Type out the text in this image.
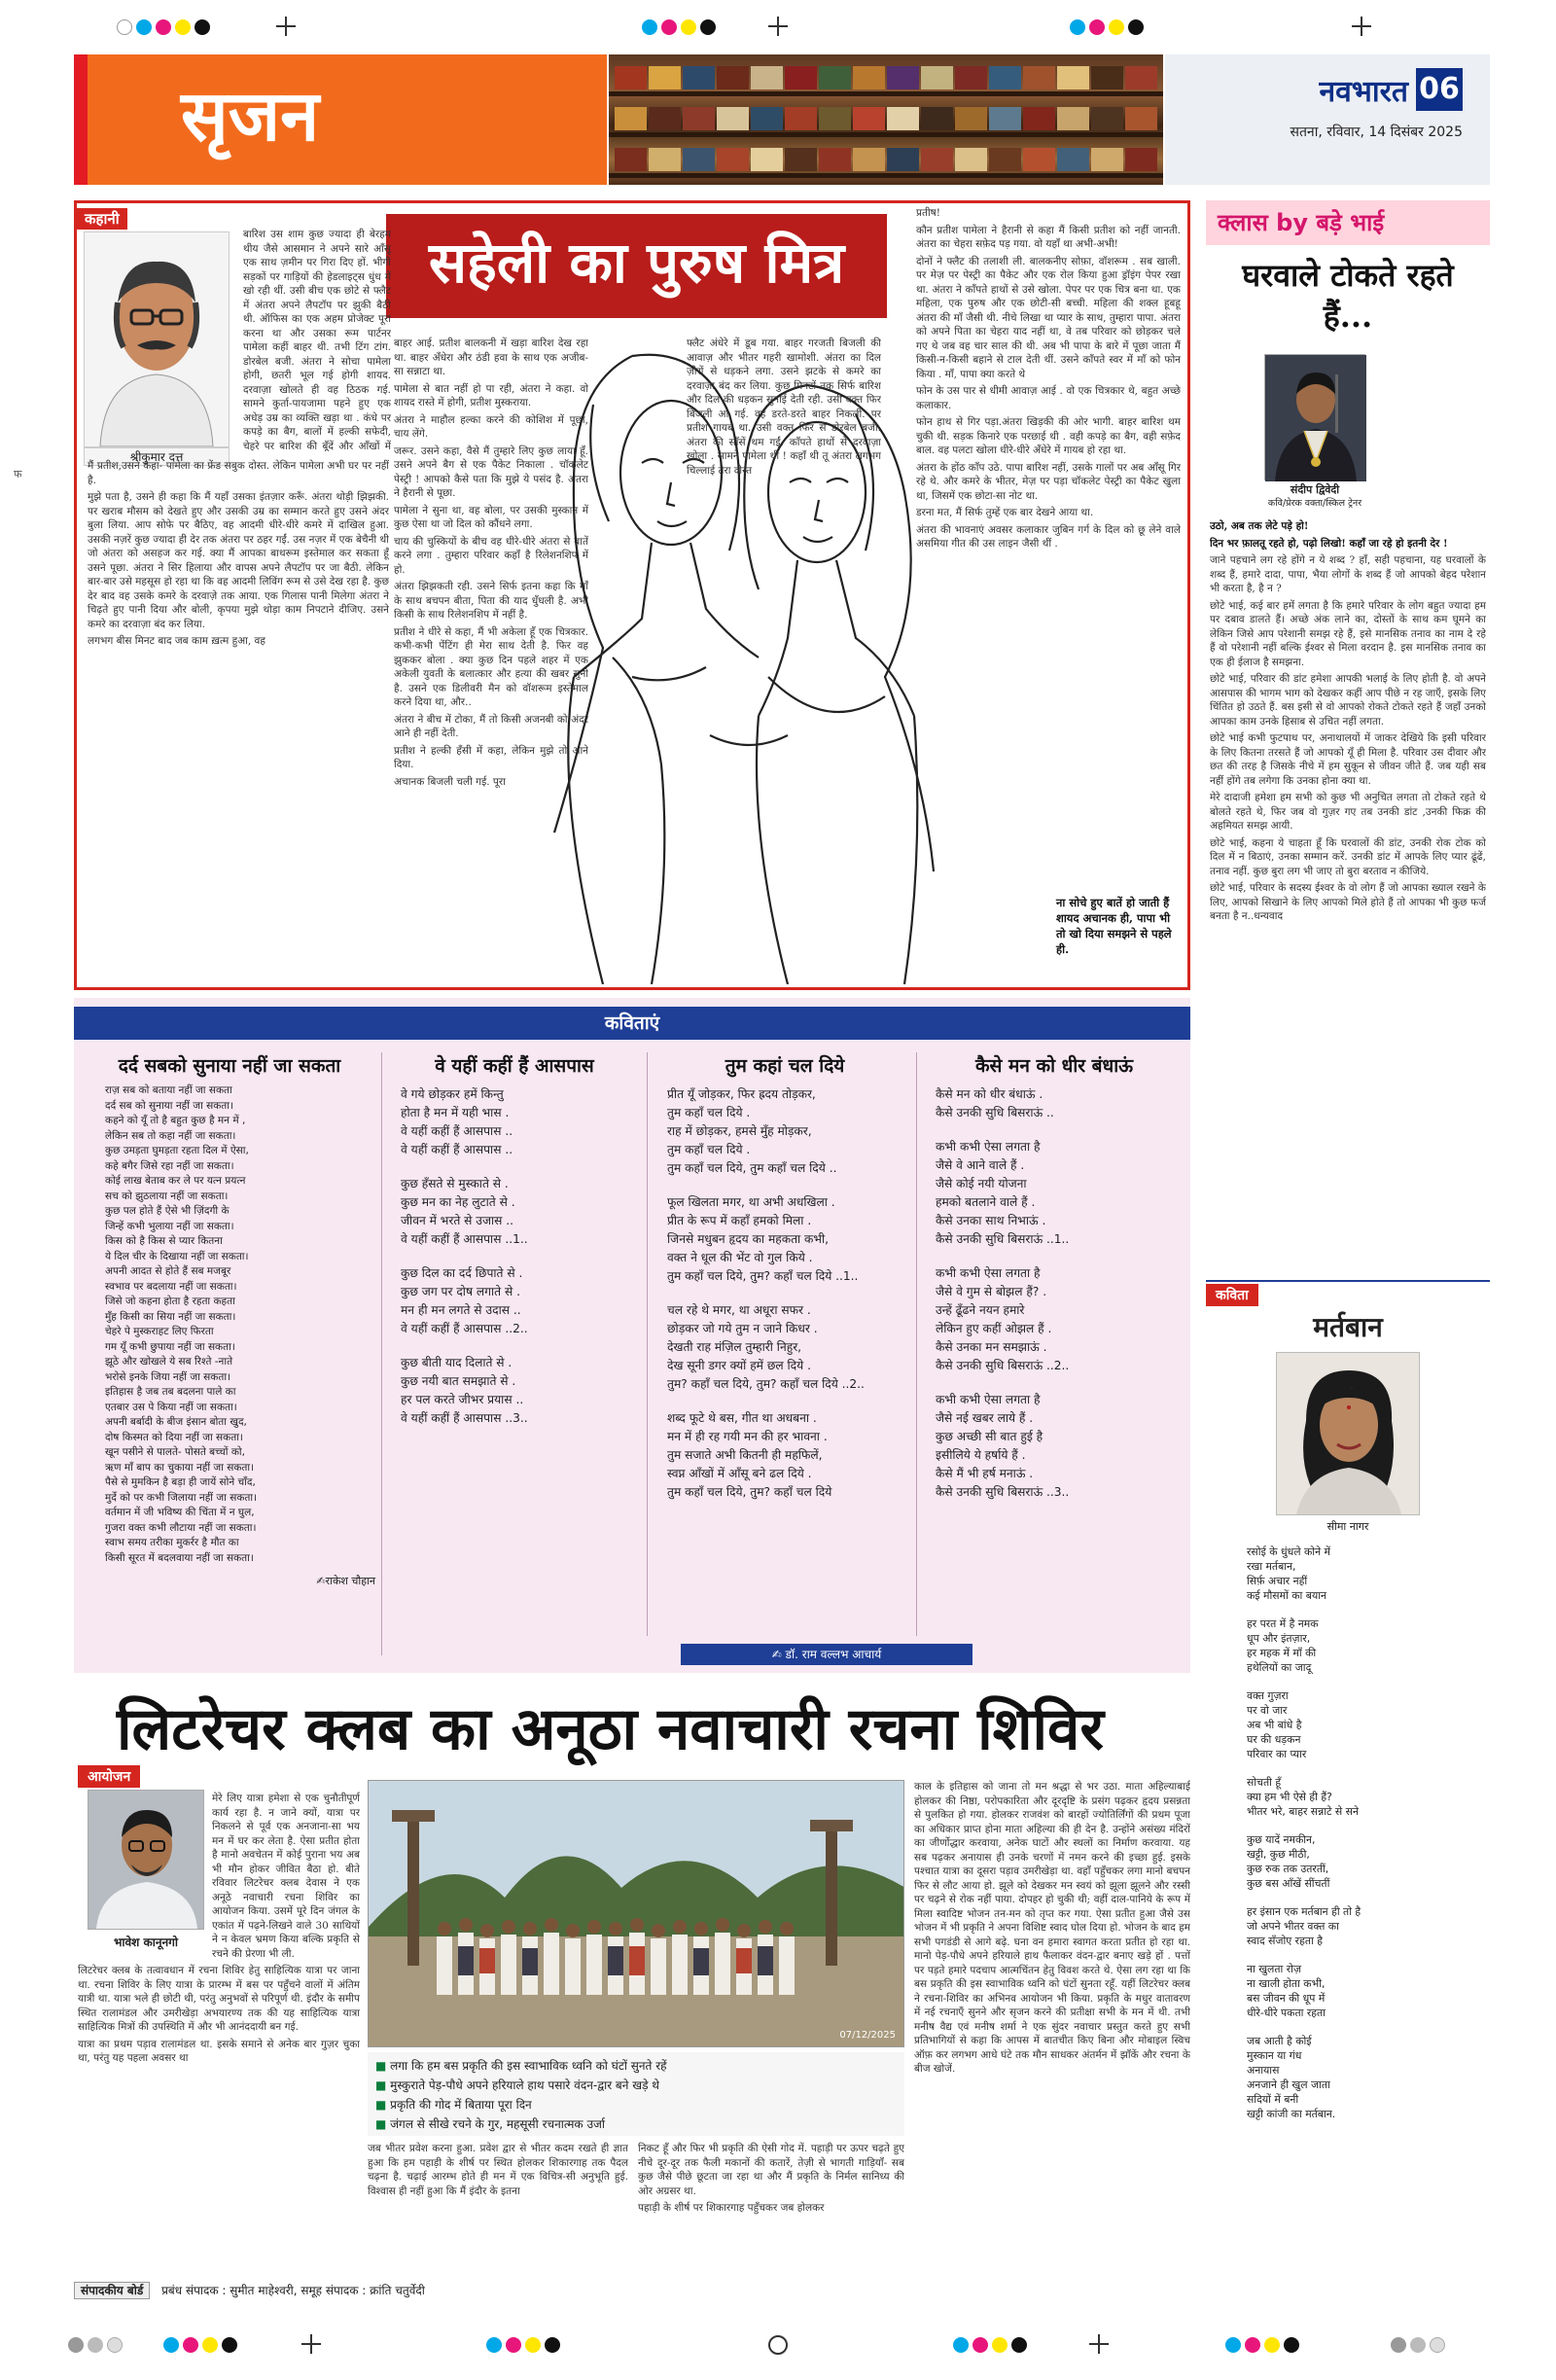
फ
सृजन	नवभारत 06
सतना, रविवार, 14 दिसंबर 2025
कहानी
श्रीकुमार दत्त
सहेली का पुरुष मित्र

बारिश उस शाम कुछ ज्यादा ही बेरहम थीय जैसे आसमान ने अपने सारे आँसू एक साथ ज़मीन पर गिरा दिए हों. भीगी सड़कों पर गाड़ियों की हेडलाइट्स धुंध में खो रही थीं. उसी बीच एक छोटे से फ्लैट में अंतरा अपने लैपटॉप पर झुकी बैठी थी. ऑफिस का एक अहम प्रोजेक्ट पूरा करना था और उसका रूम पार्टनर पामेला कहीं बाहर थी. तभी टिंग टांग. डोरबेल बजी. अंतरा ने सोचा पामेला होगी, छतरी भूल गई होगी शायद. दरवाज़ा खोलते ही वह ठिठक गई. सामने कुर्ता-पायजामा पहने हुए एक अधेड़ उम्र का व्यक्ति खड़ा था . कंधे पर कपड़े का बैग, बालों में हल्की सफेदी, चेहरे पर बारिश की बूँदें और आँखों में

मैं प्रतीश,उसने कहा- पामेला का फ्रेंड सबुक दोस्त. लेकिन पामेला अभी घर पर नहीं है.

मुझे पता है, उसने ही कहा कि मैं यहाँ उसका इंतज़ार करूँ. अंतरा थोड़ी झिझकी. पर खराब मौसम को देखते हुए और उसकी उम्र का सम्मान करते हुए उसने अंदर बुला लिया. आप सोफे पर बैठिए, वह आदमी धीरे-धीरे कमरे में दाखिल हुआ. उसकी नज़रें कुछ ज्यादा ही देर तक अंतरा पर ठहर गईं. उस नज़र में एक बेचैनी थी जो अंतरा को असहज कर गई. क्या मैं आपका बाथरूम इस्तेमाल कर सकता हूँ उसने पूछा. अंतरा ने सिर हिलाया और वापस अपने लैपटॉप पर जा बैठी. लेकिन बार-बार उसे महसूस हो रहा था कि वह आदमी लिविंग रूम से उसे देख रहा है. कुछ देर बाद वह उसके कमरे के दरवाज़े तक आया. एक गिलास पानी मिलेगा अंतरा ने चिढ़ते हुए पानी दिया और बोली, कृपया मुझे थोड़ा काम निपटाने दीजिए. उसने कमरे का दरवाज़ा बंद कर लिया.

लगभग बीस मिनट बाद जब काम ख़त्म हुआ, वह

बाहर आई. प्रतीश बालकनी में खड़ा बारिश देख रहा था. बाहर अँधेरा और ठंडी हवा के साथ एक अजीब-सा सन्नाटा था.

पामेला से बात नहीं हो पा रही, अंतरा ने कहा. वो शायद रास्ते में होगी, प्रतीश मुस्कराया.

अंतरा ने माहौल हल्का करने की कोशिश में पूछा, चाय लेंगे.

जरूर. उसने कहा, वैसे मैं तुम्हारे लिए कुछ लाया हूँ. उसने अपने बैग से एक पैकेट निकाला . चॉकलेट पेस्ट्री ! आपको कैसे पता कि मुझे ये पसंद है. अंतरा ने हैरानी से पूछा.

पामेला ने सुना था, वह बोला, पर उसकी मुस्कान में कुछ ऐसा था जो दिल को कौंधने लगा.

चाय की चुस्कियों के बीच वह धीरे-धीरे अंतरा से बातें करने लगा . तुम्हारा परिवार कहाँ है रिलेशनशिप में हो.

अंतरा झिझकती रही. उसने सिर्फ इतना कहा कि माँ के साथ बचपन बीता, पिता की याद धुँधली है. अभी किसी के साथ रिलेशनशिप में नहीं है.

प्रतीश ने धीरे से कहा, मैं भी अकेला हूँ एक चित्रकार. कभी-कभी पेंटिंग ही मेरा साथ देती है. फिर वह झुककर बोला . क्या कुछ दिन पहले शहर में एक अकेली युवती के बलात्कार और हत्या की खबर सुनी है. उसने एक डिलीवरी मैन को वॉशरूम इस्तेमाल करने दिया था, और..

अंतरा ने बीच में टोका, मैं तो किसी अजनबी को अंदर आने ही नहीं देती.

प्रतीश ने हल्की हँसी में कहा, लेकिन मुझे तो आने दिया.

अचानक बिजली चली गई. पूरा

फ्लैट अंधेरे में डूब गया. बाहर गरजती बिजली की आवाज़ और भीतर गहरी खामोशी. अंतरा का दिल ज़ोरों से धड़कने लगा. उसने झटके से कमरे का दरवाज़ा बंद कर लिया. कुछ मिनटों तक सिर्फ बारिश और दिल की धड़कन सुनाई देती रही. उसी वक्त फिर बिजली आ गई. वह डरते-डरते बाहर निकली. पर प्रतीश गायब था. उसी वक्त फिर से डोरबेल बजी. अंतरा की साँसें थम गईं. काँपते हाथों से दरवाज़ा खोला . सामने पामेला थी ! कहाँ थी तू अंतरा लगभग चिल्लाई तेरा दोस्त

प्रतीष!

कौन प्रतीश पामेला ने हैरानी से कहा मैं किसी प्रतीश को नहीं जानती. अंतरा का चेहरा सफ़ेद पड़ गया. वो यहाँ था अभी-अभी!

दोनों ने फ्लैट की तलाशी ली. बालकनीए सोफ़ा, वॉशरूम . सब खाली. पर मेज़ पर पेस्ट्री का पैकेट और एक रोल किया हुआ ड्रॉइंग पेपर रखा था. अंतरा ने काँपते हाथों से उसे खोला. पेपर पर एक चित्र बना था. एक महिला, एक पुरुष और एक छोटी-सी बच्ची. महिला की शक्ल हूबहू अंतरा की माँ जैसी थी. नीचे लिखा था प्यार के साथ, तुम्हारा पापा. अंतरा को अपने पिता का चेहरा याद नहीं था, वे तब परिवार को छोड़कर चले गए थे जब वह चार साल की थी. अब भी पापा के बारे में पूछा जाता मैं किसी-न-किसी बहाने से टाल देती थीं. उसने काँपते स्वर में माँ को फोन किया . माँ, पापा क्या करते थे

फोन के उस पार से धीमी आवाज़ आई . वो एक चित्रकार थे, बहुत अच्छे कलाकार.

फोन हाथ से गिर पड़ा.अंतरा खिड़की की ओर भागी. बाहर बारिश थम चुकी थी. सड़क किनारे एक परछाई थी . वही कपड़े का बैग, वही सफ़ेद बाल. वह पलटा खोला धीरे-धीरे अँधेरे में गायब हो रहा था.

अंतरा के होंठ काँप उठे. पापा बारिश नहीं, उसके गालों पर अब आँसू गिर रहे थे. और कमरे के भीतर, मेज़ पर पड़ा चॉकलेट पेस्ट्री का पैकेट खुला था, जिसमें एक छोटा-सा नोट था.

डरना मत, मैं सिर्फ तुम्हें एक बार देखने आया था.

अंतरा की भावनाएं अवसर कलाकार जुबिन गर्ग के दिल को छू लेने वाले असमिया गीत की उस लाइन जैसी थीं .

ना सोचे हुए बातें हो जाती हैं शायद अचानक ही, पापा भी तो खो दिया समझने से पहले ही.
क्लास by बड़े भाई
घरवाले टोकते रहते हैं...
संदीप द्विवेदी
कवि/प्रेरक वक्ता/स्किल ट्रेनर

उठो, अब तक लेटे पड़े हो!

दिन भर फ़ालतू रहते हो, पढ़ो लिखो! कहाँ जा रहे हो इतनी देर !

जाने पहचाने लग रहे होंगे न ये शब्द ? हाँ, सही पहचाना, यह घरवालों के शब्द हैं, हमारे दादा, पापा, भैया लोगों के शब्द हैं जो आपको बेहद परेशान भी करता है, है न ?

छोटे भाई, कई बार हमें लगता है कि हमारे परिवार के लोग बहुत ज्यादा हम पर दबाव डालते हैं। अच्छे अंक लाने का, दोस्तों के साथ कम घूमने का लेकिन जिसे आप परेशानी समझ रहे हैं, इसे मानसिक तनाव का नाम दे रहे हैं वो परेशानी नहीं बल्कि ईश्वर से मिला वरदान है. इस मानसिक तनाव का एक ही ईलाज है समझना.

छोटे भाई, परिवार की डांट हमेशा आपकी भलाई के लिए होती है. वो अपने आसपास की भागम भाग को देखकर कहीं आप पीछे न रह जाएँ, इसके लिए चिंतित हो उठते हैं. बस इसी से वो आपको रोकते टोकते रहते हैं जहाँ उनको आपका काम उनके हिसाब से उचित नहीं लगता.

छोटे भाई कभी फुटपाथ पर, अनाथालयों में जाकर देखिये कि इसी परिवार के लिए कितना तरसते हैं जो आपको यूँ ही मिला है. परिवार उस दीवार और छत की तरह है जिसके नीचे में हम सुकून से जीवन जीते हैं. जब यही सब नहीं होंगे तब लगेगा कि उनका होना क्या था.

मेरे दादाजी हमेशा हम सभी को कुछ भी अनुचित लगता तो टोकते रहते थे बोलते रहते थे, फिर जब वो गुज़र गए तब उनकी डांट ,उनकी फिक्र की अहमियत समझ आयी.

छोटे भाई, कहना ये चाहता हूँ कि घरवालों की डांट, उनकी रोक टोक को दिल में न बिठाएं, उनका सम्मान करें. उनकी डांट में आपके लिए प्यार ढूंढें, तनाव नहीं. कुछ बुरा लग भी जाए तो बुरा बरताव न कीजिये.

छोटे भाई, परिवार के सदस्य ईश्वर के वो लोग हैं जो आपका ख्याल रखने के लिए, आपको सिखाने के लिए आपको मिले होते हैं तो आपका भी कुछ फर्ज बनता है न..धन्यवाद

कविता
मर्तबान
सीमा नागर
रसोई के धुंधले कोने में
रखा मर्तबान,
सिर्फ़ अचार नहीं
कई मौसमों का बयान
हर परत में है नमक
धूप और इंतज़ार,
हर महक में माँ की
हथेलियों का जादू
वक्त गुज़रा
पर वो जार
अब भी बांधे है
घर की धड़कन
परिवार का प्यार
सोचती हूँ
क्या हम भी ऐसे ही हैं?
भीतर भरे, बाहर सन्नाटे से सने
कुछ यादें नमकीन,
खट्टी, कुछ मीठी,
कुछ रुक तक उतरतीं,
कुछ बस आँखें सींचतीं
हर इंसान एक मर्तबान ही तो है
जो अपने भीतर वक्त का
स्वाद सँजोए रहता है
ना खुलता रोज़
ना खाली होता कभी,
बस जीवन की धूप में
धीरे-धीरे पकता रहता
जब आती है कोई
मुस्कान या गंध
अनायास
अनजाने ही खुल जाता
सदियों में बनी
खट्टी कांजी का मर्तबान.
कविताएं
दर्द सबको सुनाया नहीं जा सकता
राज़ सब को बताया नहीं जा सकता
दर्द सब को सुनाया नहीं जा सकता।
कहने को यूँ तो है बहुत कुछ है मन में ,
लेकिन सब तो कहा नहीं जा सकता।
कुछ उमड़ता घुमड़ता रहता दिल में ऐसा,
कहे बगैर जिसे रहा नहीं जा सकता।
कोई लाख बेताब कर ले पर यत्न प्रयत्न
सच को झुठलाया नहीं जा सकता।
कुछ पल होते हैं ऐसे भी ज़िंदगी के
जिन्हें कभी भुलाया नहीं जा सकता।
किस को है किस से प्यार कितना
ये दिल चीर के दिखाया नहीं जा सकता।
अपनी आदत से होते हैं सब मजबूर
स्वभाव पर बदलाया नहीं जा सकता।
जिसे जो कहना होता है रहता कहता
मुँह किसी का सिया नहीं जा सकता।
चेहरे पे मुस्कराहट लिए फिरता
गम यूँ कभी छुपाया नहीं जा सकता।
झूठे और खोखले ये सब रिश्ते -नाते
भरोसे इनके जिया नहीं जा सकता।
इतिहास है जब तब बदलना पाले का
एतबार उस पे किया नहीं जा सकता।
अपनी बर्बादी के बीज इंसान बोता खुद,
दोष किस्मत को दिया नहीं जा सकता।
खून पसीने से पालते- पोसते बच्चों को,
ऋण माँ बाप का चुकाया नहीं जा सकता।
पैसे से मुमकिन है बड़ा ही जायें सोने चाँद,
मुर्दे को पर कभी जिलाया नहीं जा सकता।
वर्तमान में जी भविष्य की चिंता में न घुल,
गुजरा वक्त कभी लौटाया नहीं जा सकता।
स्वाभ समय तरीका मुकर्रर है मौत का
किसी सूरत में बदलवाया नहीं जा सकता।
✍राकेश चौहान
वे यहीं कहीं हैं आसपास
वे गये छोड़कर हमें किन्तु
होता है मन में यही भास .
वे यहीं कहीं हैं आसपास ..
वे यहीं कहीं हैं आसपास ..
कुछ हँसते से मुस्काते से .
कुछ मन का नेह लुटाते से .
जीवन में भरते से उजास ..
वे यहीं कहीं हैं आसपास ..1..
कुछ दिल का दर्द छिपाते से .
कुछ जग पर दोष लगाते से .
मन ही मन लगते से उदास ..
वे यहीं कहीं हैं आसपास ..2..
कुछ बीती याद दिलाते से .
कुछ नयी बात समझाते से .
हर पल करते जीभर प्रयास ..
वे यहीं कहीं हैं आसपास ..3..
तुम कहां चल दिये
प्रीत यूँ जोड़कर, फिर ह्रदय तोड़कर,
तुम कहाँ चल दिये .
राह में छोड़कर, हमसे मुँह मोड़कर,
तुम कहाँ चल दिये .
तुम कहाँ चल दिये, तुम कहाँ चल दिये ..
फूल खिलता मगर, था अभी अधखिला .
प्रीत के रूप में कहाँ हमको मिला .
जिनसे मधुबन हृदय का महकता कभी,
वक्त ने धूल की भेंट वो गुल किये .
तुम कहाँ चल दिये, तुम? कहाँ चल दिये ..1..
चल रहे थे मगर, था अधूरा सफर .
छोड़कर जो गये तुम न जाने किधर .
देखती राह मंज़िल तुम्हारी निहुर,
देख सूनी डगर क्यों हमें छल दिये .
तुम? कहाँ चल दिये, तुम? कहाँ चल दिये ..2..
शब्द फूटे थे बस, गीत था अधबना .
मन में ही रह गयी मन की हर भावना .
तुम सजाते अभी कितनी ही महफिलें,
स्वप्न आँखों में आँसू बने ढल दिये .
तुम कहाँ चल दिये, तुम? कहाँ चल दिये
कैसे मन को धीर बंधाऊं
कैसे मन को धीर बंधाऊं .
कैसे उनकी सुधि बिसराऊं ..
कभी कभी ऐसा लगता है
जैसे वे आने वाले हैं .
जैसे कोई नयी योजना
हमको बतलाने वाले हैं .
कैसे उनका साथ निभाऊं .
कैसे उनकी सुधि बिसराऊं ..1..
कभी कभी ऐसा लगता है
जैसे वे गुम से बोझल हैं? .
उन्हें ढूँढने नयन हमारे
लेकिन हुए कहीं ओझल हैं .
कैसे उनका मन समझाऊं .
कैसे उनकी सुधि बिसराऊं ..2..
कभी कभी ऐसा लगता है
जैसे नई खबर लाये हैं .
कुछ अच्छी सी बात हुई है
इसीलिये ये हर्षाये हैं .
कैसे मैं भी हर्ष मनाऊं .
कैसे उनकी सुधि बिसराऊं ..3..
✍ डॉ. राम वल्लभ आचार्य
लिटरेचर क्लब का अनूठा नवाचारी रचना शिविर
आयोजन
भावेश कानूनगो

मेरे लिए यात्रा हमेशा से एक चुनौतीपूर्ण कार्य रहा है. न जाने क्यों, यात्रा पर निकलने से पूर्व एक अनजाना-सा भय मन में घर कर लेता है. ऐसा प्रतीत होता है मानो अवचेतन में कोई पुराना भय अब भी मौन होकर जीवित बैठा हो. बीते रविवार लिटरेचर क्लब देवास ने एक अनूठे नवाचारी रचना शिविर का आयोजन किया. उसमें पूरे दिन जंगल के एकांत में पढ़ने-लिखने वाले 30 साथियों ने न केवल भ्रमण किया बल्कि प्रकृति से रचने की प्रेरणा भी ली.

लिटरेचर क्लब के तत्वावधान में रचना शिविर हेतु साहित्यिक यात्रा पर जाना था. रचना शिविर के लिए यात्रा के प्रारम्भ में बस पर पहुँचने वालों में अंतिम यात्री था. यात्रा भले ही छोटी थी, परंतु अनुभवों से परिपूर्ण थी. इंदौर के समीप स्थित रालामंडल और उमरीखेड़ा अभयारण्य तक की यह साहित्यिक यात्रा साहित्यिक मित्रों की उपस्थिति में और भी आनंददायी बन गई.

यात्रा का प्रथम पड़ाव रालामंडल था. इसके समाने से अनेक बार गुज़र चुका था, परंतु यह पहला अवसर था

07/12/2025
■ लगा कि हम बस प्रकृति की इस स्वाभाविक ध्वनि को घंटों सुनते रहें
■ मुस्कुराते पेड़-पौधे अपने हरियाले हाथ पसारे वंदन-द्वार बने खड़े थे
■ प्रकृति की गोद में बिताया पूरा दिन
■ जंगल से सीखे रचने के गुर, महसूसी रचनात्मक उर्जा

जब भीतर प्रवेश करना हुआ. प्रवेश द्वार से भीतर कदम रखते ही ज्ञात हुआ कि हम पहाड़ी के शीर्ष पर स्थित होलकर शिकारगाह तक पैदल चढ़ना है. चढ़ाई आरम्भ होते ही मन में एक विचित्र-सी अनुभूति हुई. विश्वास ही नहीं हुआ कि मैं इंदौर के इतना

निकट हूँ और फिर भी प्रकृति की ऐसी गोद में. पहाड़ी पर ऊपर चढ़ते हुए नीचे दूर-दूर तक फैली मकानों की कतारें, तेज़ी से भागती गाड़ियाँ- सब कुछ जैसे पीछे छूटता जा रहा था और मैं प्रकृति के निर्मल सानिध्य की ओर अग्रसर था.

पहाड़ी के शीर्ष पर शिकारगाह पहुँचकर जब होलकर

काल के इतिहास को जाना तो मन श्रद्धा से भर उठा. माता अहिल्याबाई होलकर की निष्ठा, परोपकारिता और दूरदृष्टि के प्रसंग पढ़कर हृदय प्रसन्नता से पुलकित हो गया. होलकर राजवंश को बारहों ज्योतिर्लिंगों की प्रथम पूजा का अधिकार प्राप्त होना माता अहिल्या की ही देन है. उन्होंने असंख्य मंदिरों का जीर्णोद्धार करवाया, अनेक घाटों और स्थलों का निर्माण करवाया. यह सब पढ़कर अनायास ही उनके चरणों में नमन करने की इच्छा हुई. इसके पश्चात यात्रा का दूसरा पड़ाव उमरीखेड़ा था. वहाँ पहुँचकर लगा मानो बचपन फिर से लौट आया हो. झूले को देखकर मन स्वयं को झूला झूलने और रस्सी पर चढ़ने से रोक नहीं पाया. दोपहर हो चुकी थी; वहीं दाल-पानिये के रूप में मिला स्वादिष्ट भोजन तन-मन को तृप्त कर गया. ऐसा प्रतीत हुआ जैसे उस भोजन में भी प्रकृति ने अपना विशिष्ट स्वाद घोल दिया हो. भोजन के बाद हम सभी पगडंडी से आगे बढ़े. घना वन हमारा स्वागत करता प्रतीत हो रहा था. मानो पेड़-पौधे अपने हरियाले हाथ फैलाकर वंदन-द्वार बनाए खड़े हों . पत्तों पर पड़ते हमारे पदचाप आत्मचिंतन हेतु विवश करते थे. ऐसा लग रहा था कि बस प्रकृति की इस स्वाभाविक ध्वनि को घंटों सुनता रहूँ. यहीं लिटरेचर क्लब ने रचना-शिविर का अभिनव आयोजन भी किया. प्रकृति के मधुर वातावरण में नई रचनाएँ सुनने और सृजन करने की प्रतीक्षा सभी के मन में थी. तभी मनीष वैद्य एवं मनीष शर्मा ने एक सुंदर नवाचार प्रस्तुत करते हुए सभी प्रतिभागियों से कहा कि आपस में बातचीत किए बिना और मोबाइल स्विच ऑफ़ कर लगभग आधे घंटे तक मौन साधकर अंतर्मन में झाँकें और रचना के बीज खोजें.

संपादकीय बोर्ड प्रबंध संपादक : सुमीत माहेश्वरी, समूह संपादक : क्रांति चतुर्वेदी
